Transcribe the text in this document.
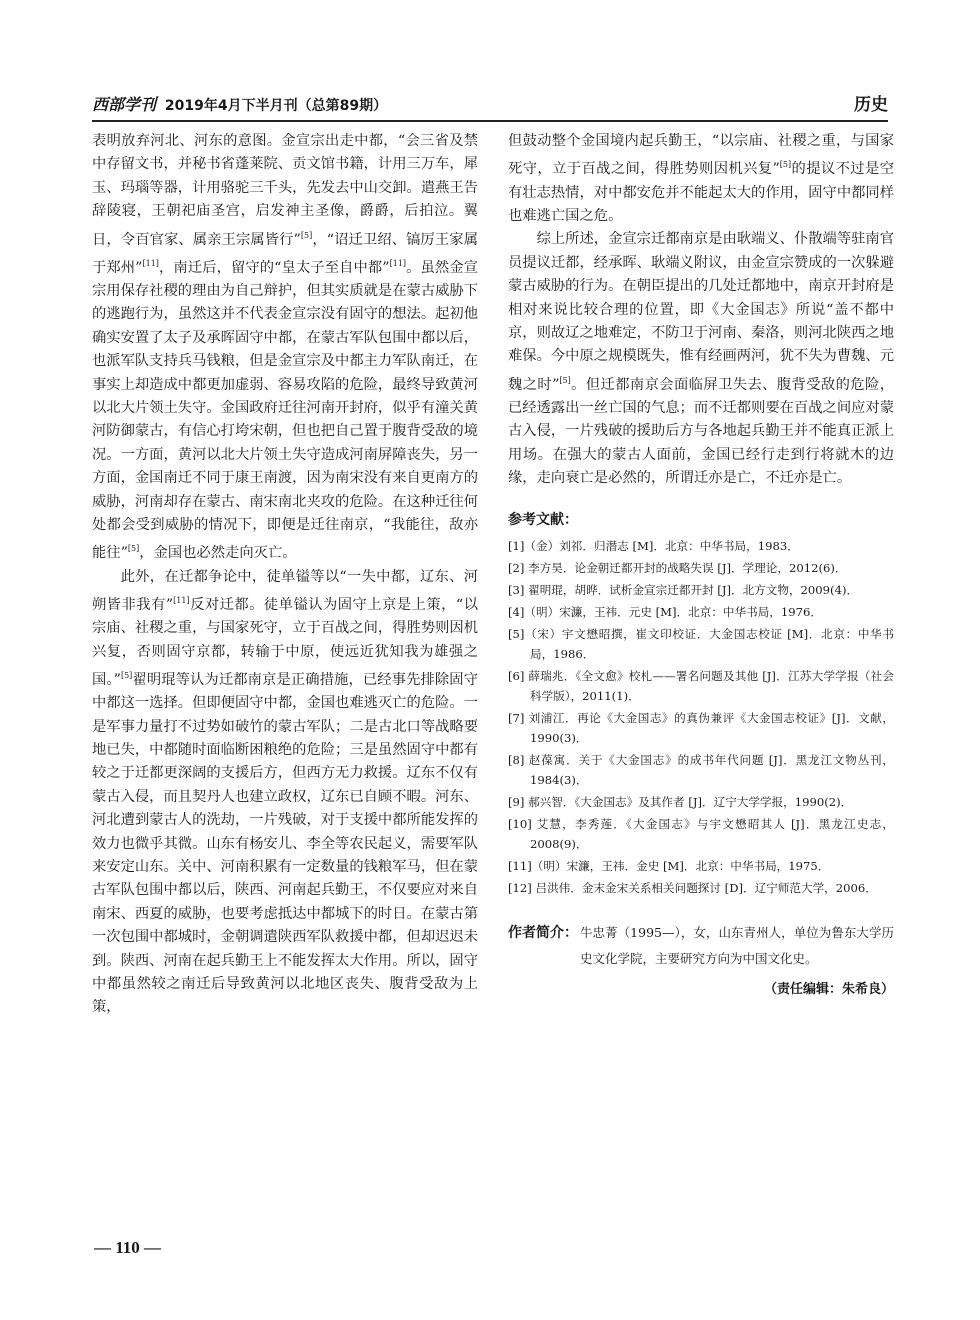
西部学刊 2019年4月下半月刊（总第89期）	历史

表明放弃河北、河东的意图。金宣宗出走中都，“会三省及禁中存留文书，并秘书省蓬莱院、贡文馆书籍，计用三万车，犀玉、玛瑙等器，计用骆驼三千头，先发去中山交卸。遣燕王告辞陵寝，王朝祀庙圣宫，启发神主圣像，爵爵，后拍泣。翼日，令百官家、属亲王宗属皆行”[5]，“诏迁卫绍、镐厉王家属于郑州”[11]，南迁后，留守的“皇太子至自中都”[11]。虽然金宣宗用保存社稷的理由为自己辩护，但其实质就是在蒙古威胁下的逃跑行为，虽然这并不代表金宣宗没有固守的想法。起初他确实安置了太子及承晖固守中都，在蒙古军队包围中都以后，也派军队支持兵马钱粮，但是金宣宗及中都主力军队南迁，在事实上却造成中都更加虚弱、容易攻陷的危险，最终导致黄河以北大片领土失守。金国政府迁往河南开封府，似乎有潼关黄河防御蒙古，有信心打垮宋朝，但也把自己置于腹背受敌的境况。一方面，黄河以北大片领土失守造成河南屏障丧失，另一方面，金国南迁不同于康王南渡，因为南宋没有来自更南方的威胁，河南却存在蒙古、南宋南北夹攻的危险。在这种迁往何处都会受到威胁的情况下，即便是迁往南京，“我能往，敌亦能往”[5]，金国也必然走向灭亡。

此外，在迁都争论中，徒单镒等以“一失中都，辽东、河朔皆非我有”[11]反对迁都。徒单镒认为固守上京是上策，“以宗庙、社稷之重，与国家死守，立于百战之间，得胜势则因机兴复，否则固守京都，转输于中原，使远近犹知我为雄强之国。”[5]翟明琨等认为迁都南京是正确措施，已经事先排除固守中都这一选择。但即便固守中都，金国也难逃灭亡的危险。一是军事力量打不过势如破竹的蒙古军队；二是古北口等战略要地已失，中都随时面临断困粮绝的危险；三是虽然固守中都有较之于迁都更深阔的支援后方，但西方无力救援。辽东不仅有蒙古入侵，而且契丹人也建立政权，辽东已自顾不暇。河东、河北遭到蒙古人的洗劫，一片残破，对于支援中都所能发挥的效力也微乎其微。山东有杨安儿、李全等农民起义，需要军队来安定山东。关中、河南积累有一定数量的钱粮军马，但在蒙古军队包围中都以后，陕西、河南起兵勤王，不仅要应对来自南宋、西夏的威胁，也要考虑抵达中都城下的时日。在蒙古第一次包围中都城时，金朝调遣陕西军队救援中都，但却迟迟未到。陕西、河南在起兵勤王上不能发挥太大作用。所以，固守中都虽然较之南迁后导致黄河以北地区丧失、腹背受敌为上策，

但鼓动整个金国境内起兵勤王，“以宗庙、社稷之重，与国家死守，立于百战之间，得胜势则因机兴复”[5]的提议不过是空有壮志热情，对中都安危并不能起太大的作用，固守中都同样也难逃亡国之危。

综上所述，金宣宗迁都南京是由耿端义、仆散端等驻南官员提议迁都，经承晖、耿端义附议，由金宣宗赞成的一次躲避蒙古威胁的行为。在朝臣提出的几处迁都地中，南京开封府是相对来说比较合理的位置，即《大金国志》所说“盖不都中京，则故辽之地难定，不防卫于河南、秦洛，则河北陕西之地难保。今中原之规模既失，惟有经画两河，犹不失为曹魏、元魏之时”[5]。但迁都南京会面临屏卫失去、腹背受敌的危险，已经透露出一丝亡国的气息；而不迁都则要在百战之间应对蒙古入侵，一片残破的援助后方与各地起兵勤王并不能真正派上用场。在强大的蒙古人面前，金国已经行走到行将就木的边缘，走向衰亡是必然的，所谓迁亦是亡，不迁亦是亡。

参考文献：
[1]（金）刘祁．归潜志 [M]．北京：中华书局，1983．
[2] 李方昊．论金朝迁都开封的战略失误 [J]．学理论，2012(6)．
[3] 翟明琨，胡晔．试析金宣宗迁都开封 [J]．北方文物，2009(4)．
[4]（明）宋濂，王祎．元史 [M]．北京：中华书局，1976．
[5]（宋）宇文懋昭撰，崔文印校证．大金国志校证 [M]．北京：中华书局，1986．
[6] 薛瑞兆．《全文愈》校札——署名问题及其他 [J]．江苏大学学报（社会科学版），2011(1)．
[7] 刘浦江．再论《大金国志》的真伪兼评《大金国志校证》[J]．文献，1990(3)．
[8] 赵葆寓．关于《大金国志》的成书年代问题 [J]．黑龙江文物丛刊，1984(3)．
[9] 郝兴智．《大金国志》及其作者 [J]．辽宁大学学报，1990(2)．
[10] 艾慧，李秀莲．《大金国志》与宇文懋昭其人 [J]．黑龙江史志，2008(9)．
[11]（明）宋濂，王祎．金史 [M]．北京：中华书局，1975．
[12] 吕洪伟．金末金宋关系相关问题探讨 [D]．辽宁师范大学，2006．
作者简介： 牛忠菁（1995—），女，山东青州人，单位为鲁东大学历史文化学院，主要研究方向为中国文化史。
（责任编辑：朱希良）
— 110 —
